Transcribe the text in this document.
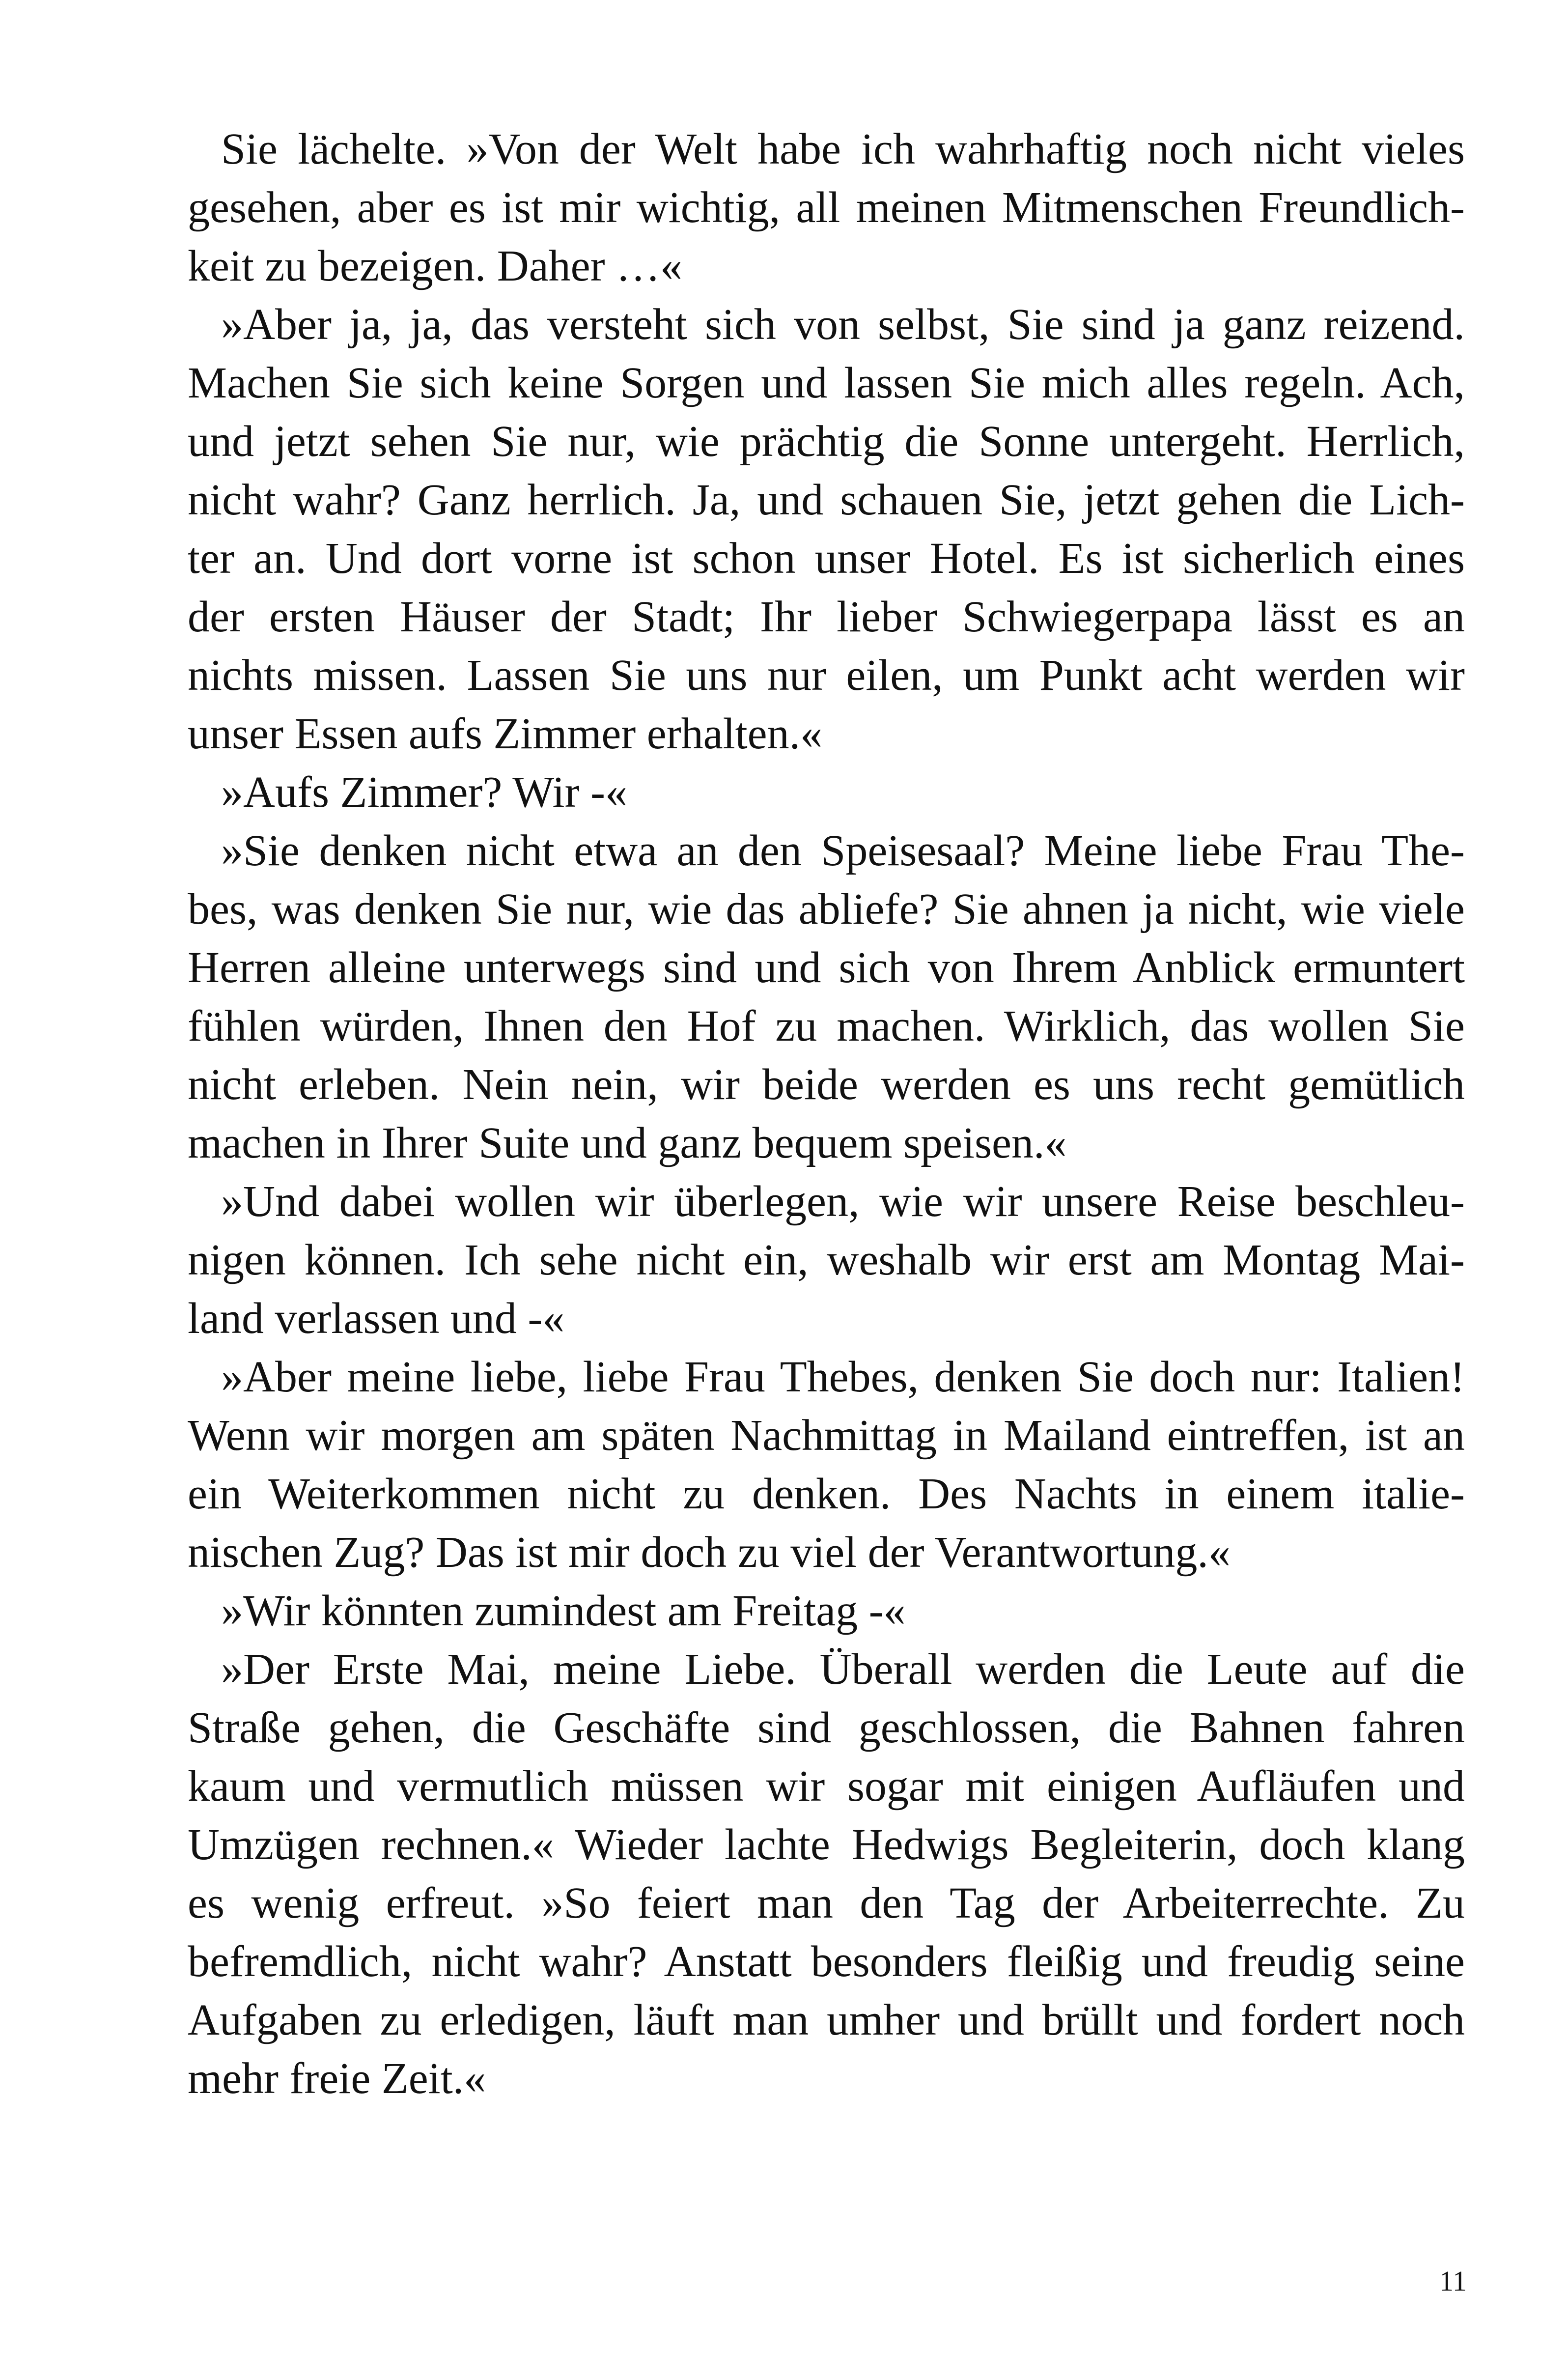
Sie lächelte. »Von der Welt habe ich wahrhaftig noch nicht vieles
gesehen, aber es ist mir wichtig, all meinen Mitmenschen Freundlich-
keit zu bezeigen. Daher …«
»Aber ja, ja, das versteht sich von selbst, Sie sind ja ganz reizend.
Machen Sie sich keine Sorgen und lassen Sie mich alles regeln. Ach,
und jetzt sehen Sie nur, wie prächtig die Sonne untergeht. Herrlich,
nicht wahr? Ganz herrlich. Ja, und schauen Sie, jetzt gehen die Lich-
ter an. Und dort vorne ist schon unser Hotel. Es ist sicherlich eines
der ersten Häuser der Stadt; Ihr lieber Schwiegerpapa lässt es an
nichts missen. Lassen Sie uns nur eilen, um Punkt acht werden wir
unser Essen aufs Zimmer erhalten.«
»Aufs Zimmer? Wir -«
»Sie denken nicht etwa an den Speisesaal? Meine liebe Frau The-
bes, was denken Sie nur, wie das abliefe? Sie ahnen ja nicht, wie viele
Herren alleine unterwegs sind und sich von Ihrem Anblick ermuntert
fühlen würden, Ihnen den Hof zu machen. Wirklich, das wollen Sie
nicht erleben. Nein nein, wir beide werden es uns recht gemütlich
machen in Ihrer Suite und ganz bequem speisen.«
»Und dabei wollen wir überlegen, wie wir unsere Reise beschleu-
nigen können. Ich sehe nicht ein, weshalb wir erst am Montag Mai-
land verlassen und -«
»Aber meine liebe, liebe Frau Thebes, denken Sie doch nur: Italien!
Wenn wir morgen am späten Nachmittag in Mailand eintreffen, ist an
ein Weiterkommen nicht zu denken. Des Nachts in einem italie-
nischen Zug? Das ist mir doch zu viel der Verantwortung.«
»Wir könnten zumindest am Freitag -«
»Der Erste Mai, meine Liebe. Überall werden die Leute auf die
Straße gehen, die Geschäfte sind geschlossen, die Bahnen fahren
kaum und vermutlich müssen wir sogar mit einigen Aufläufen und
Umzügen rechnen.« Wieder lachte Hedwigs Begleiterin, doch klang
es wenig erfreut. »So feiert man den Tag der Arbeiterrechte. Zu
befremdlich, nicht wahr? Anstatt besonders fleißig und freudig seine
Aufgaben zu erledigen, läuft man umher und brüllt und fordert noch
mehr freie Zeit.«
11
